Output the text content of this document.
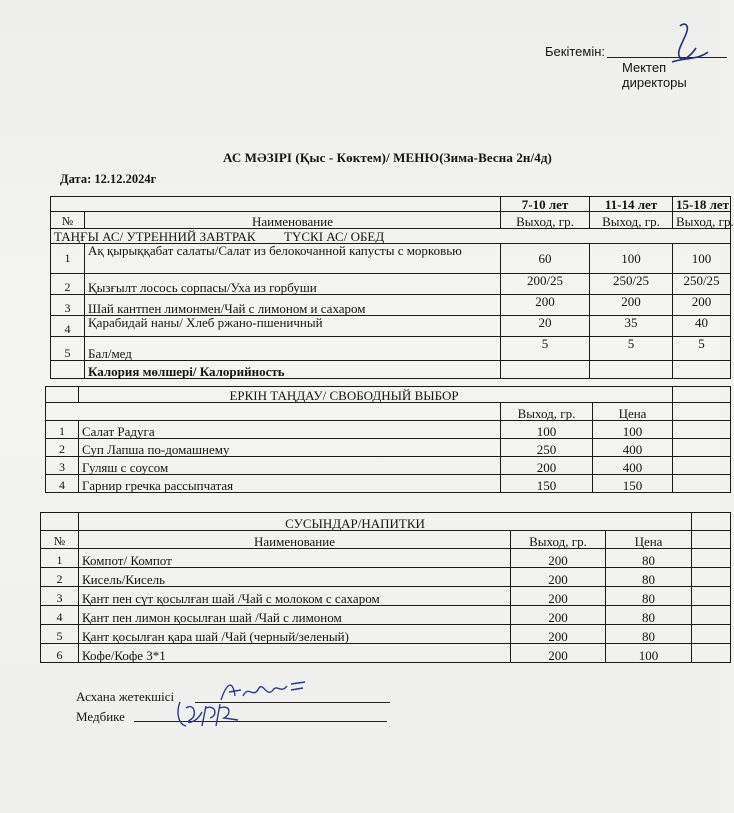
Бекітемін:
Мектеп директоры
АС МӘЗІРІ (Қыс - Көктем)/ МЕНЮ(Зима-Весна 2н/4д)
Дата: 12.12.2024г
		7-10 лет	11-14 лет	15-18 лет
№	Наименование	Выход, гр.	Выход, гр.	Выход, гр.
ТАҢҒЫ АС/ УТРЕННИЙ ЗАВТРАК ТҮСКІ АС/ ОБЕД				
1	Ақ қырыққабат салаты/Салат из белокочанной капусты с морковью	60	100	100
2	Қызғылт лосось сорпасы/Уха из горбуши	200/25	250/25	250/25
3	Шай кантпен лимонмен/Чай с лимоном и сахаром	200	200	200
4	Қарабидай наны/ Хлеб ржано-пшеничный	20	35	40
5	Бал/мед	5	5	5
	Калория мөлшері/ Калорийность			
	ЕРКІН ТАҢДАУ/ СВОБОДНЫЙ ВЫБОР			
		Выход, гр.	Цена	
1	Салат Радуга	100	100	
2	Суп Лапша по-домашнему	250	400	
3	Гуляш с соусом	200	400	
4	Гарнир гречка рассыпчатая	150	150	
	СУСЫНДАР/НАПИТКИ			
№	Наименование	Выход, гр.	Цена	
1	Компот/ Компот	200	80	
2	Кисель/Кисель	200	80	
3	Қант пен сүт қосылған шай /Чай с молоком с сахаром	200	80	
4	Қант пен лимон қосылған шай /Чай с лимоном	200	80	
5	Қант қосылған қара шай /Чай (черный/зеленый)	200	80	
6	Кофе/Кофе 3*1	200	100	
Асхана жетекшісі
Медбике
